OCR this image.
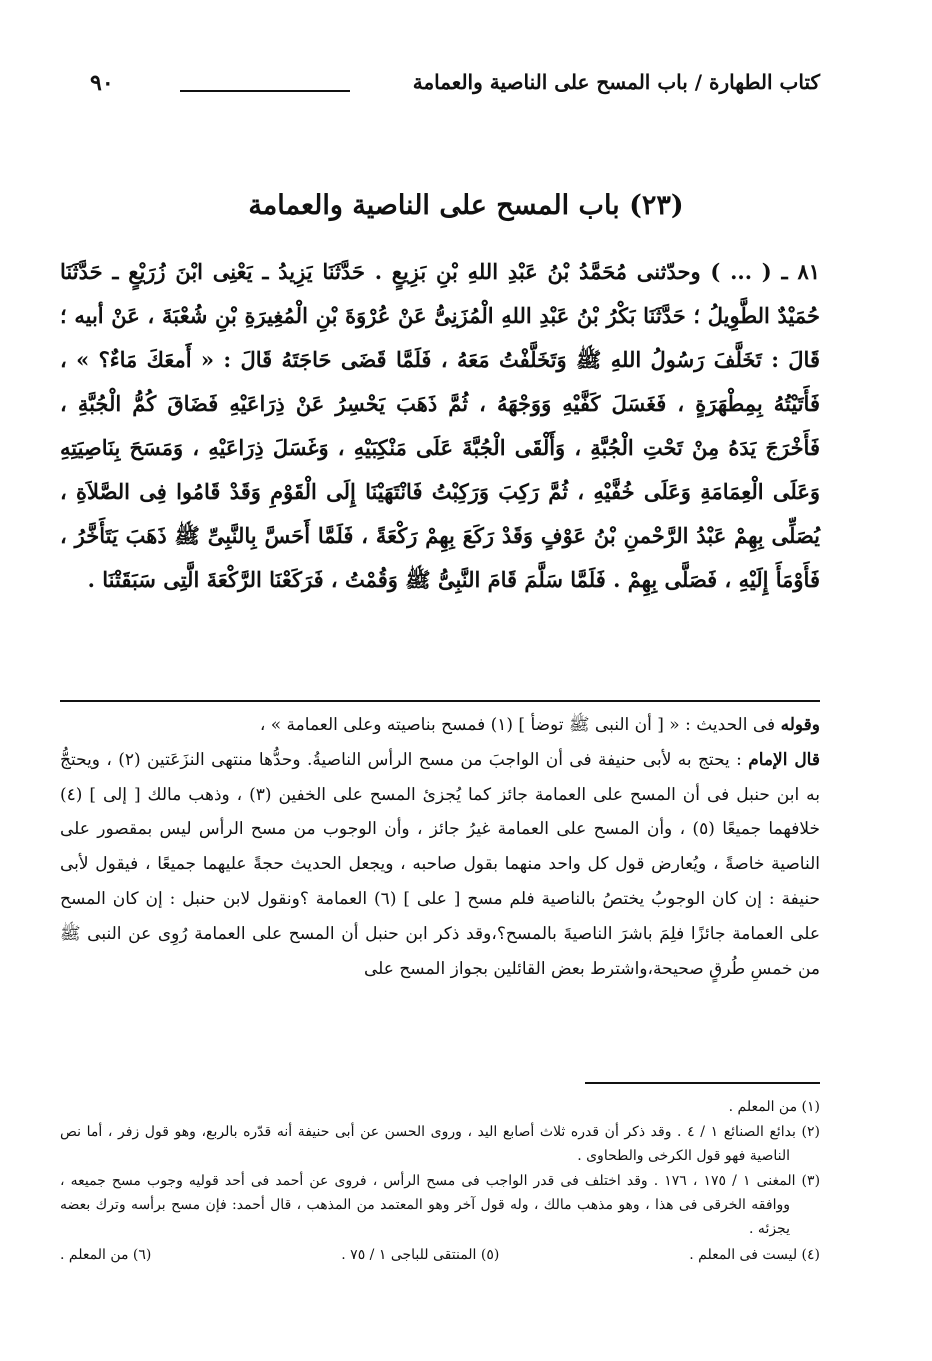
كتاب الطهارة / باب المسح على الناصية والعمامة
٩٠
(٢٣) باب المسح على الناصية والعمامة

٨١ ـ ( ... ) وحدّثنى مُحَمَّدُ بْنُ عَبْدِ اللهِ بْنِ بَزِيعٍ . حَدَّثَنَا يَزِيدُ ـ يَعْنِى ابْنَ زُرَيْعٍ ـ حَدَّثَنَا حُمَيْدٌ الطَّوِيلُ ؛ حَدَّثَنَا بَكْرُ بْنُ عَبْدِ اللهِ الْمُزَنِىُّ عَنْ عُرْوَةَ بْنِ الْمُغِيرَةِ بْنِ شُعْبَةَ ، عَنْ أبيه ؛ قَالَ : تَخَلَّفَ رَسُولُ اللهِ ﷺ وَتَخَلَّفْتُ مَعَهُ ، فَلَمَّا قَضَى حَاجَتَهُ قَالَ : « أَمعَكَ مَاءٌ؟ » ، فَأَتَيْتُهُ بِمِطْهَرَةٍ ، فَغَسَلَ كَفَّيْهِ وَوَجْهَهُ ، ثُمَّ ذَهَبَ يَحْسِرُ عَنْ ذِرَاعَيْهِ فَضَاقَ كُمُّ الْجُبَّةِ ، فَأَخْرَجَ يَدَهُ مِنْ تَحْتِ الْجُبَّةِ ، وَأَلْقَى الْجُبَّةَ عَلَى مَنْكِبَيْهِ ، وَغَسَلَ ذِرَاعَيْهِ ، وَمَسَحَ بِنَاصِيَتِهِ وَعَلَى الْعِمَامَةِ وَعَلَى خُفَّيْهِ ، ثُمَّ رَكِبَ وَرَكِبْتُ فَانْتَهَيْنَا إِلَى الْقَوْمِ وَقَدْ قَامُوا فِى الصَّلاَةِ ، يُصَلِّى بِهِمْ عَبْدُ الرَّحْمنِ بْنُ عَوْفٍ وَقَدْ رَكَعَ بِهِمْ رَكْعَةً ، فَلَمَّا أَحَسَّ بِالنَّبِىِّ ﷺ ذَهَبَ يَتَأَخَّرُ ، فَأَوْمَأَ إِلَيْهِ ، فَصَلَّى بِهِمْ . فَلَمَّا سَلَّمَ قَامَ النَّبِىُّ ﷺ وَقُمْتُ ، فَرَكَعْنَا الرَّكْعَةَ الَّتِى سَبَقَتْنَا .

وقوله فى الحديث : « [ أن النبى ﷺ توضأ ] (١) فمسح بناصيته وعلى العمامة » ،

قال الإمام : يحتج به لأبى حنيفة فى أن الواجبَ من مسح الرأس الناصيةُ. وحدُّها منتهى النزَعَتين (٢) ، ويحتجُّ به ابن حنبل فى أن المسح على العمامة جائز كما يُجزئ المسح على الخفين (٣) ، وذهب مالك [ إلى ] (٤) خلافهما جميعًا (٥) ، وأن المسح على العمامة غيرُ جائز ، وأن الوجوب من مسح الرأس ليس بمقصور على الناصية خاصةً ، ويُعارض قول كل واحد منهما بقول صاحبه ، ويجعل الحديث حجةً عليهما جميعًا ، فيقول لأبى حنيفة : إن كان الوجوبُ يختصُ بالناصية فلم مسح [ على ] (٦) العمامة ؟ونقول لابن حنبل : إن كان المسح على العمامة جائزًا فلِمَ باشرَ الناصيةَ بالمسح؟،وقد ذكر ابن حنبل أن المسح على العمامة رُوِى عن النبى ﷺ من خمسِ طُرقٍ صحيحة،واشترط بعض القائلين بجواز المسح على

(١) من المعلم .

(٢) بدائع الصنائع ١ / ٤ . وقد ذكر أن قدره ثلاث أصابع اليد ، وروى الحسن عن أبى حنيفة أنه قدّره بالربع، وهو قول زفر ، أما نص الناصية فهو قول الكرخى والطحاوى .

(٣) المغنى ١ / ١٧٥ ، ١٧٦ . وقد اختلف فى قدر الواجب فى مسح الرأس ، فروى عن أحمد فى أحد قوليه وجوب مسح جميعه ، ووافقه الخرقى فى هذا ، وهو مذهب مالك ، وله قول آخر وهو المعتمد من المذهب ، قال أحمد: فإن مسح برأسه وترك بعضه يجزئه .

(٤) ليست فى المعلم .
(٥) المنتقى للباجى ١ / ٧٥ .
(٦) من المعلم .
